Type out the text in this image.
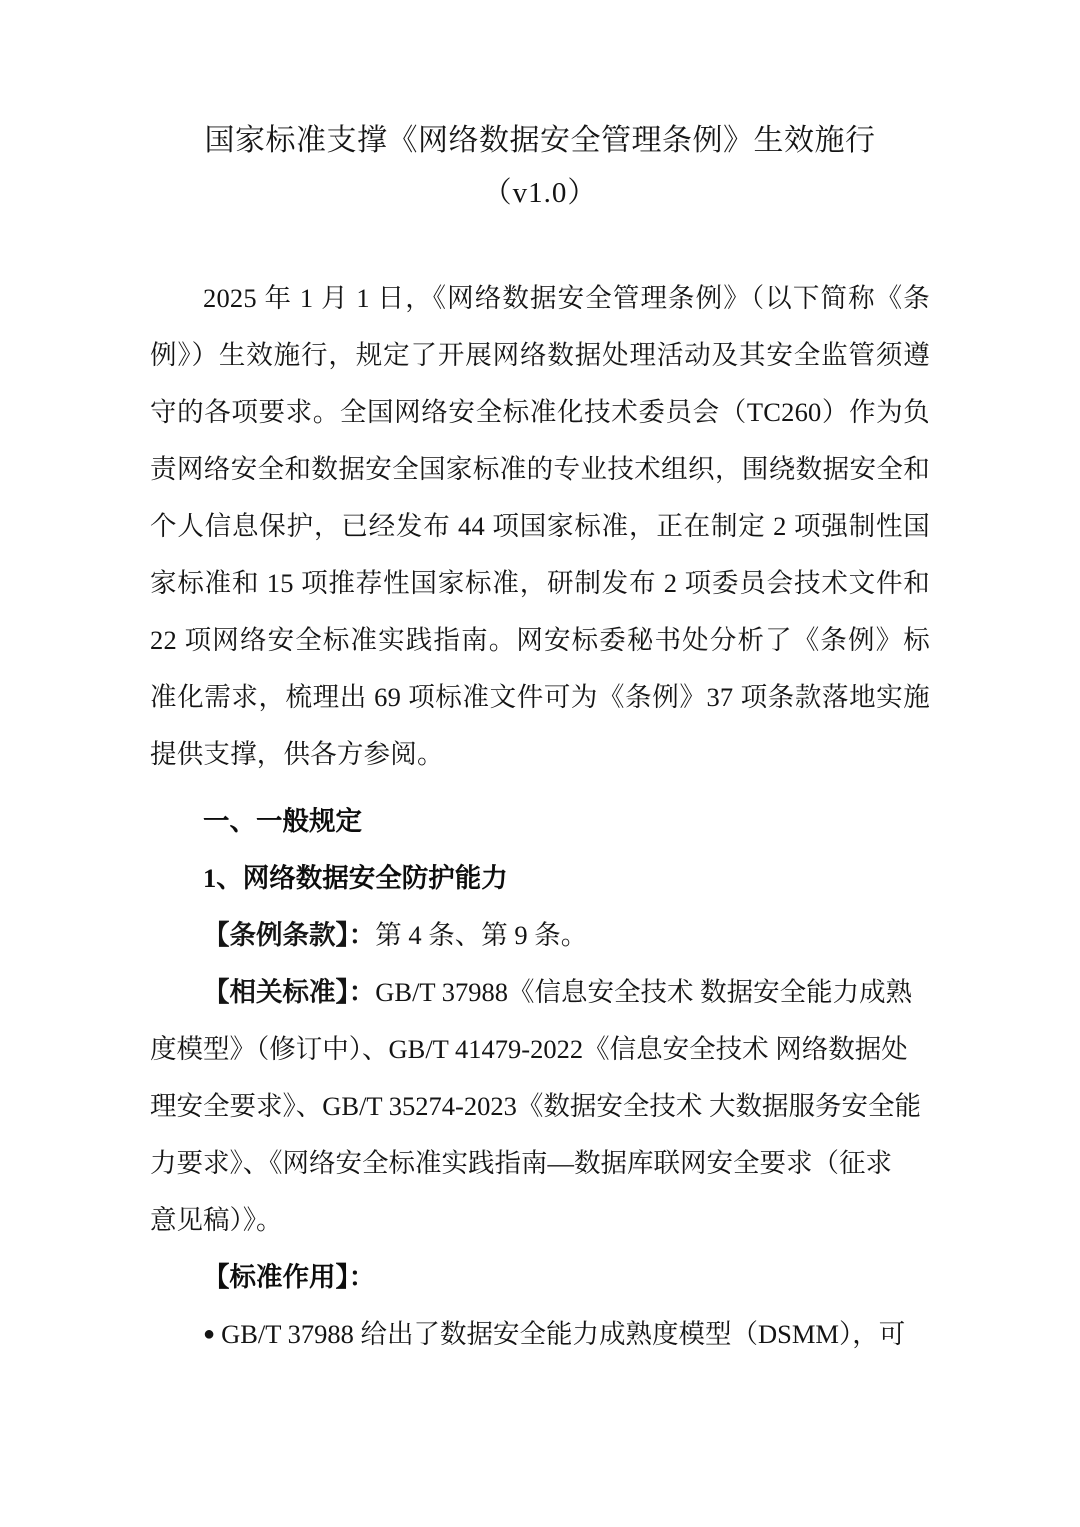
国家标准支撑《网络数据安全管理条例》生效施行
（v1.0）

2025 年 1 月 1 日，《网络数据安全管理条例》（以下简称《条例》）生效施行，规定了开展网络数据处理活动及其安全监管须遵守的各项要求。全国网络安全标准化技术委员会（TC260）作为负责网络安全和数据安全国家标准的专业技术组织，围绕数据安全和个人信息保护，已经发布 44 项国家标准，正在制定 2 项强制性国家标准和 15 项推荐性国家标准，研制发布 2 项委员会技术文件和 22 项网络安全标准实践指南。网安标委秘书处分析了《条例》标准化需求，梳理出 69 项标准文件可为《条例》37 项条款落地实施提供支撑，供各方参阅。

一、一般规定

1、网络数据安全防护能力

【条例条款】：第 4 条、第 9 条。

【相关标准】：GB/T 37988《信息安全技术 数据安全能力成熟

度模型》（修订中）、GB/T 41479-2022《信息安全技术 网络数据处

理安全要求》、GB/T 35274-2023《数据安全技术 大数据服务安全能

力要求》、《网络安全标准实践指南—数据库联网安全要求（征求

意见稿）》。

【标准作用】：

● GB/T 37988 给出了数据安全能力成熟度模型（DSMM），可
